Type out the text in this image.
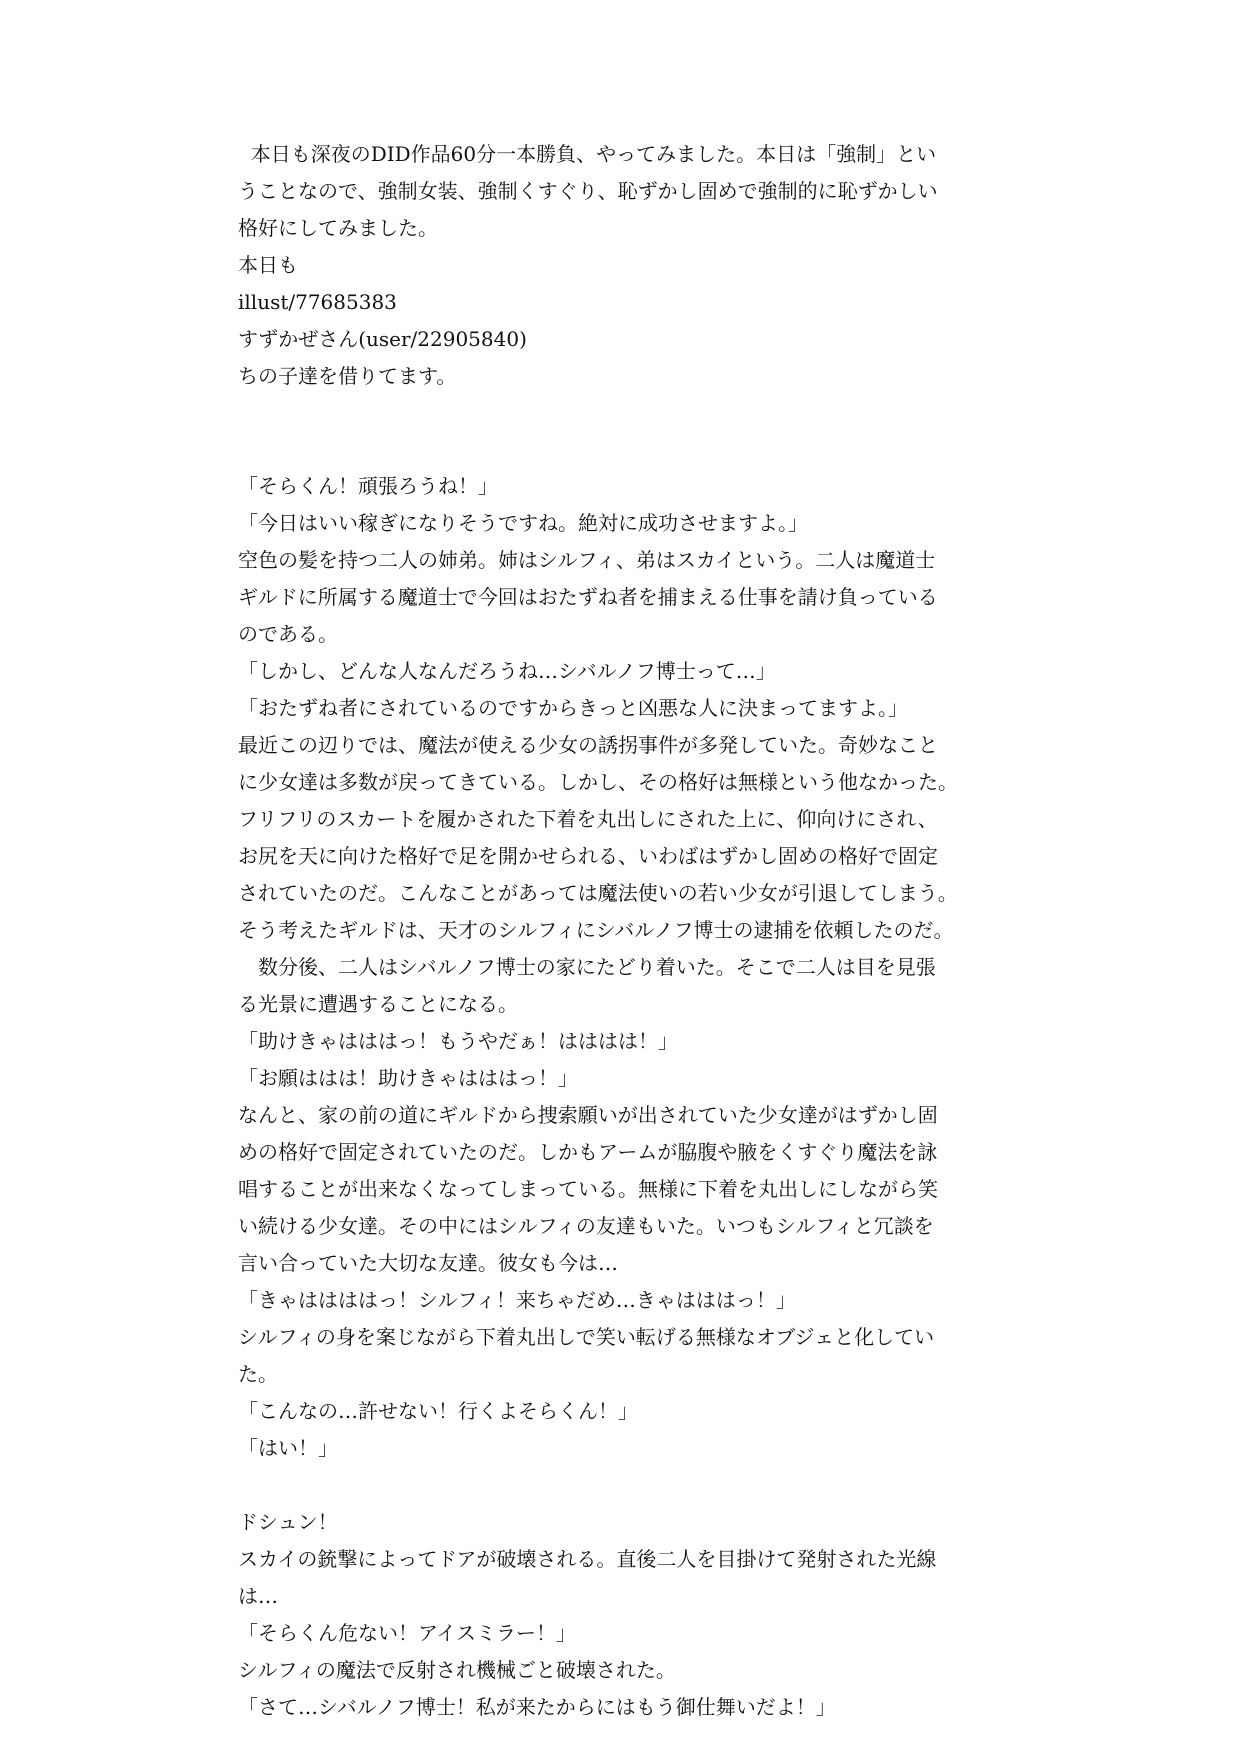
本日も深夜のDID作品60分一本勝負、やってみました。本日は「強制」とい
うことなので、強制女装、強制くすぐり、恥ずかし固めで強制的に恥ずかしい
格好にしてみました。
本日も
illust/77685383
すずかぜさん(user/22905840)
ちの子達を借りてます。
「そらくん！頑張ろうね！」
「今日はいい稼ぎになりそうですね。絶対に成功させますよ。」
空色の髪を持つ二人の姉弟。姉はシルフィ、弟はスカイという。二人は魔道士
ギルドに所属する魔道士で今回はおたずね者を捕まえる仕事を請け負っている
のである。
「しかし、どんな人なんだろうね…シバルノフ博士って…」
「おたずね者にされているのですからきっと凶悪な人に決まってますよ。」
最近この辺りでは、魔法が使える少女の誘拐事件が多発していた。奇妙なこと
に少女達は多数が戻ってきている。しかし、その格好は無様という他なかった。
フリフリのスカートを履かされた下着を丸出しにされた上に、仰向けにされ、
お尻を天に向けた格好で足を開かせられる、いわばはずかし固めの格好で固定
されていたのだ。こんなことがあっては魔法使いの若い少女が引退してしまう。
そう考えたギルドは、天才のシルフィにシバルノフ博士の逮捕を依頼したのだ。
　数分後、二人はシバルノフ博士の家にたどり着いた。そこで二人は目を見張
る光景に遭遇することになる。
「助けきゃはははっ！もうやだぁ！はははは！」
「お願ははは！助けきゃはははっ！」
なんと、家の前の道にギルドから捜索願いが出されていた少女達がはずかし固
めの格好で固定されていたのだ。しかもアームが脇腹や腋をくすぐり魔法を詠
唱することが出来なくなってしまっている。無様に下着を丸出しにしながら笑
い続ける少女達。その中にはシルフィの友達もいた。いつもシルフィと冗談を
言い合っていた大切な友達。彼女も今は…
「きゃははははっ！シルフィ！来ちゃだめ…きゃはははっ！」
シルフィの身を案じながら下着丸出しで笑い転げる無様なオブジェと化してい
た。
「こんなの…許せない！行くよそらくん！」
「はい！」
ドシュン！
スカイの銃撃によってドアが破壊される。直後二人を目掛けて発射された光線
は…
「そらくん危ない！アイスミラー！」
シルフィの魔法で反射され機械ごと破壊された。
「さて…シバルノフ博士！私が来たからにはもう御仕舞いだよ！」
